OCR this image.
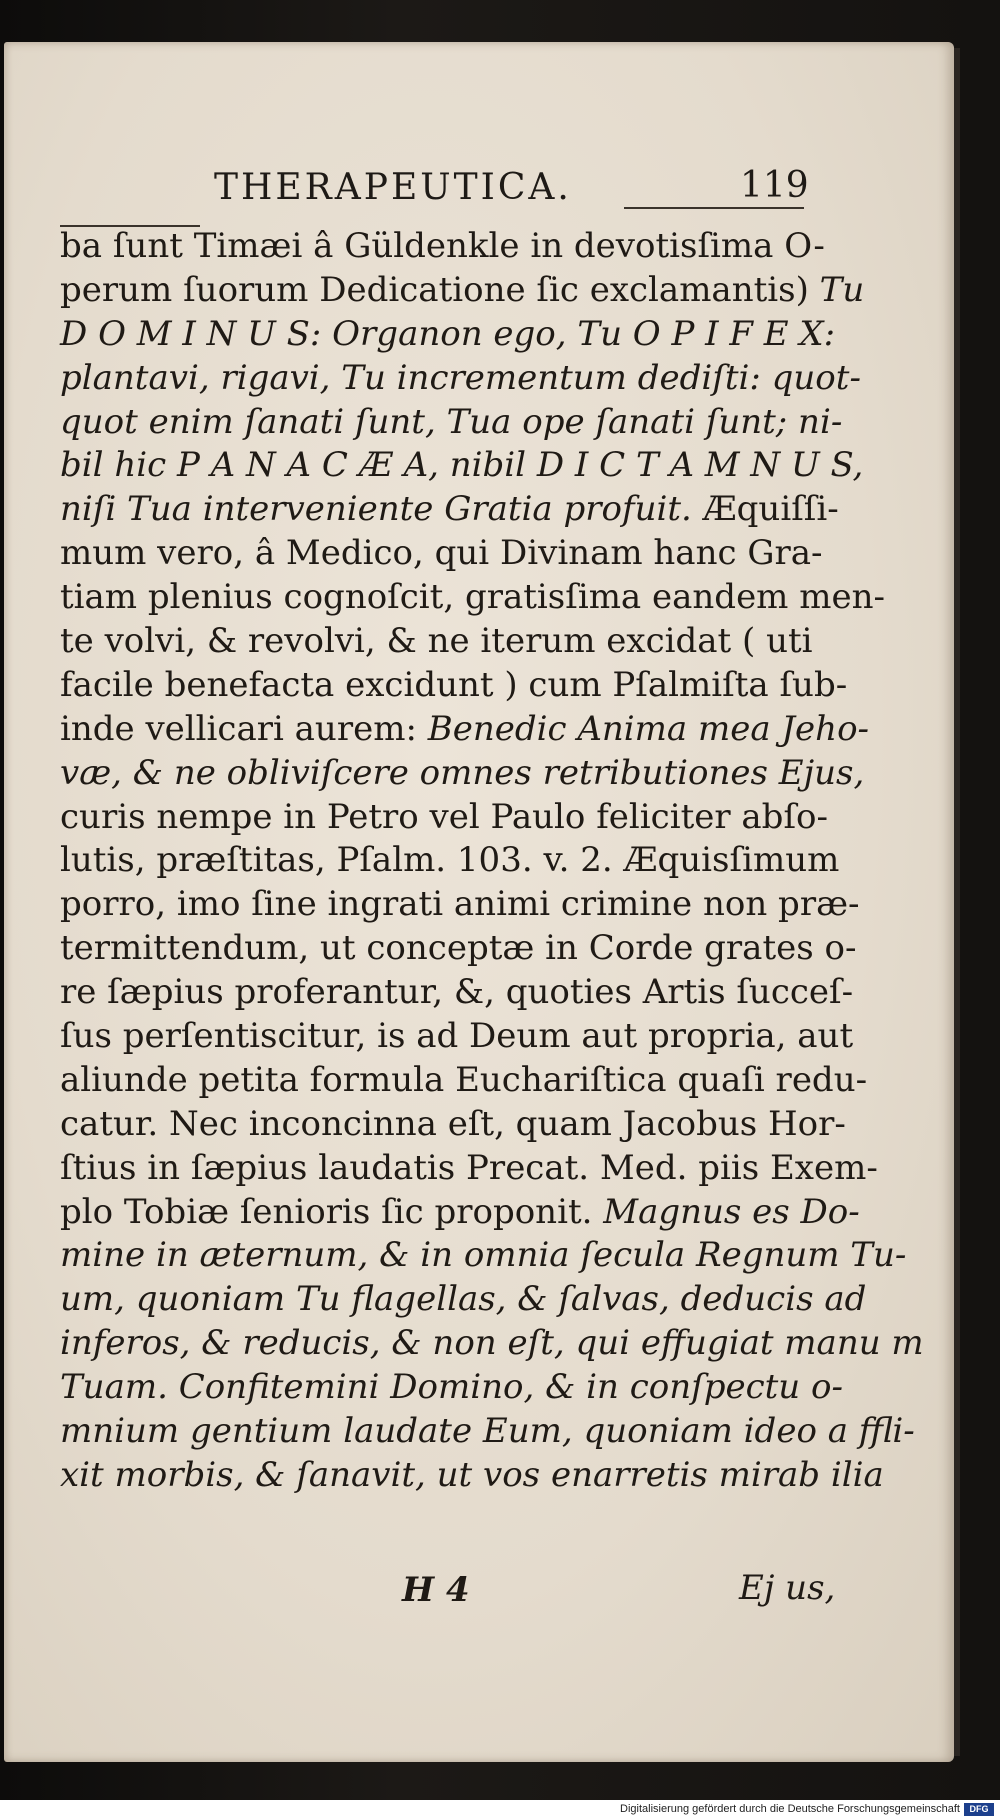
THERAPEUTICA.	119
ba ſunt Timæi â Güldenkle in devotisſima O-
perum ſuorum Dedicatione ſic exclamantis) Tu
D O M I N U S: Organon ego, Tu O P I F E X:
plantavi, rigavi, Tu incrementum dediſti: quot-
quot enim ſanati ſunt, Tua ope ſanati ſunt; ni-
bil hic P A N A C Æ A, nibil D I C T A M N U S,
niſi Tua interveniente Gratia profuit. Æquiſſi-
mum vero, â Medico, qui Divinam hanc Gra-
tiam plenius cognoſcit, gratisſima eandem men-
te volvi, & revolvi, & ne iterum excidat ( uti
facile benefacta excidunt ) cum Pſalmiſta ſub-
inde vellicari aurem: Benedic Anima mea Jeho-
væ, & ne obliviſcere omnes retributiones Ejus,
curis nempe in Petro vel Paulo feliciter abſo-
lutis, præſtitas, Pſalm. 103. v. 2. Æquisſimum
porro, imo ſine ingrati animi crimine non præ-
termittendum, ut conceptæ in Corde grates o-
re ſæpius proferantur, &, quoties Artis ſucceſ-
ſus perſentiscitur, is ad Deum aut propria, aut
aliunde petita formula Euchariſtica quaſi redu-
catur. Nec inconcinna eſt, quam Jacobus Hor-
ſtius in ſæpius laudatis Precat. Med. piis Exem-
plo Tobiæ ſenioris ſic proponit. Magnus es Do-
mine in æternum, & in omnia ſecula Regnum Tu-
um, quoniam Tu flagellas, & ſalvas, deducis ad
inferos, & reducis, & non eſt, qui effugiat manu m
Tuam. Confitemini Domino, & in conſpectu o-
mnium gentium laudate Eum, quoniam ideo a ffli-
xit morbis, & ſanavit, ut vos enarretis mirab ilia
H 4	Ej us,
Digitalisierung gefördert durch die Deutsche Forschungsgemeinschaft	DFG
